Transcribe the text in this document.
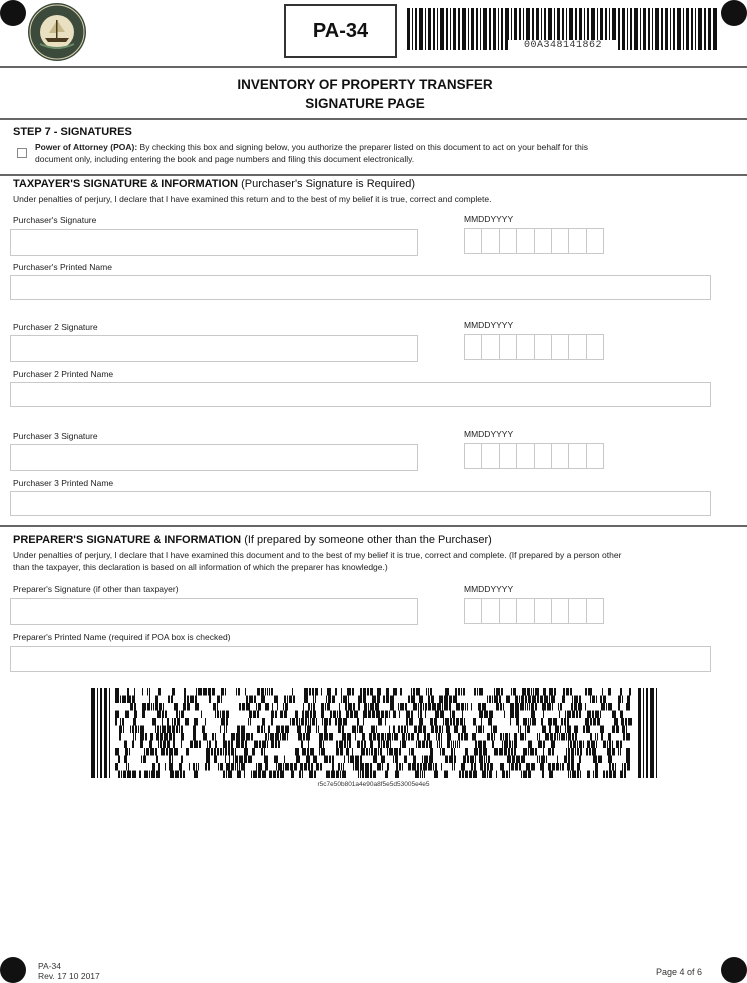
PA-34
00A348141862
INVENTORY OF PROPERTY TRANSFER
SIGNATURE PAGE
STEP 7 - SIGNATURES
Power of Attorney (POA): By checking this box and signing below, you authorize the preparer listed on this document to act on your behalf for this
document only, including entering the book and page numbers and filing this document electronically.
TAXPAYER'S SIGNATURE & INFORMATION (Purchaser's Signature is Required)
Under penalties of perjury, I declare that I have examined this return and to the best of my belief it is true, correct and complete.
Purchaser's Signature	MMDDYYYY
Purchaser's Printed Name
Purchaser 2 Signature	MMDDYYYY
Purchaser 2 Printed Name
Purchaser 3 Signature	MMDDYYYY
Purchaser 3 Printed Name
PREPARER'S SIGNATURE & INFORMATION (If prepared by someone other than the Purchaser)
Under penalties of perjury, I declare that I have examined this document and to the best of my belief it is true, correct and complete. (If prepared by a person other
than the taxpayer, this declaration is based on all information of which the preparer has knowledge.)
Preparer's Signature (if other than taxpayer)	MMDDYYYY
Preparer's Printed Name (required if POA box is checked)
r5c7e50b801a4e90a8f5e5d53005e4e5
PA-34
Rev. 17 10 2017	Page 4 of 6
